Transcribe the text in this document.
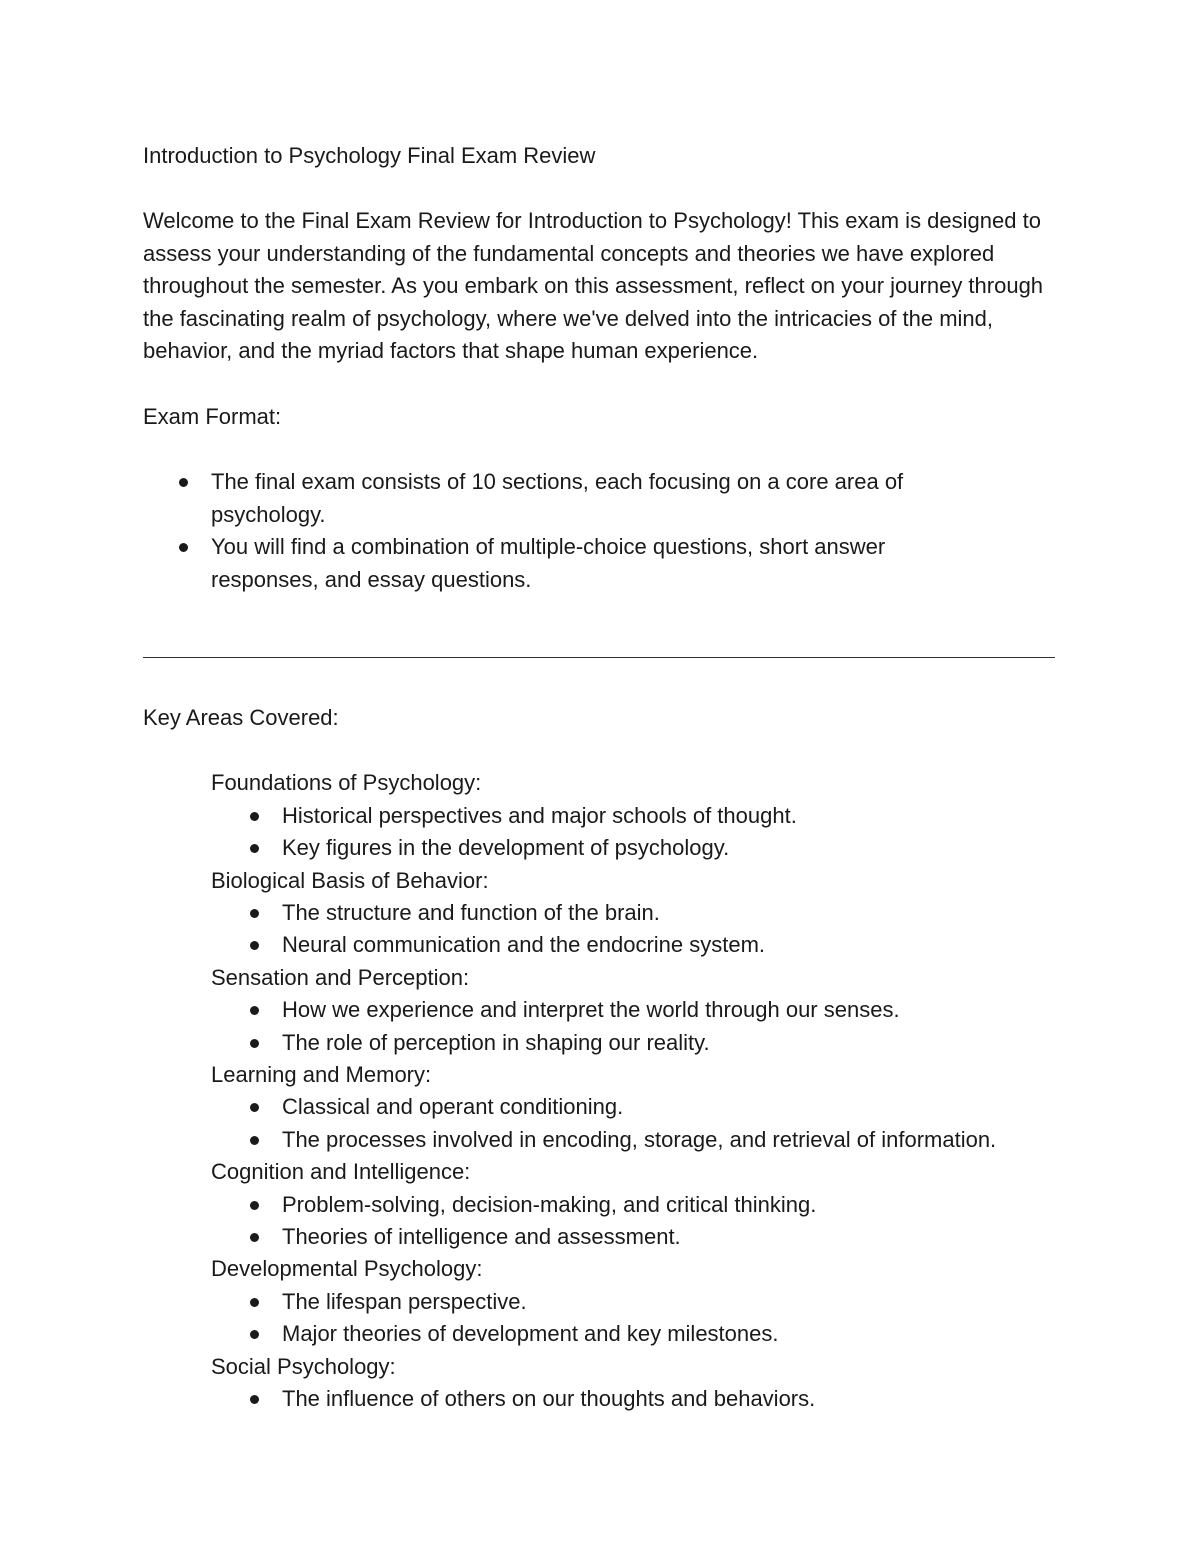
Introduction to Psychology Final Exam Review

Welcome to the Final Exam Review for Introduction to Psychology! This exam is designed to assess your understanding of the fundamental concepts and theories we have explored throughout the semester. As you embark on this assessment, reflect on your journey through the fascinating realm of psychology, where we've delved into the intricacies of the mind, behavior, and the myriad factors that shape human experience.

Exam Format:

The final exam consists of 10 sections, each focusing on a core area of psychology.
You will find a combination of multiple-choice questions, short answer responses, and essay questions.

Key Areas Covered:

Foundations of Psychology:

Historical perspectives and major schools of thought.
Key figures in the development of psychology.

Biological Basis of Behavior:

The structure and function of the brain.
Neural communication and the endocrine system.

Sensation and Perception:

How we experience and interpret the world through our senses.
The role of perception in shaping our reality.

Learning and Memory:

Classical and operant conditioning.
The processes involved in encoding, storage, and retrieval of information.

Cognition and Intelligence:

Problem-solving, decision-making, and critical thinking.
Theories of intelligence and assessment.

Developmental Psychology:

The lifespan perspective.
Major theories of development and key milestones.

Social Psychology:

The influence of others on our thoughts and behaviors.
